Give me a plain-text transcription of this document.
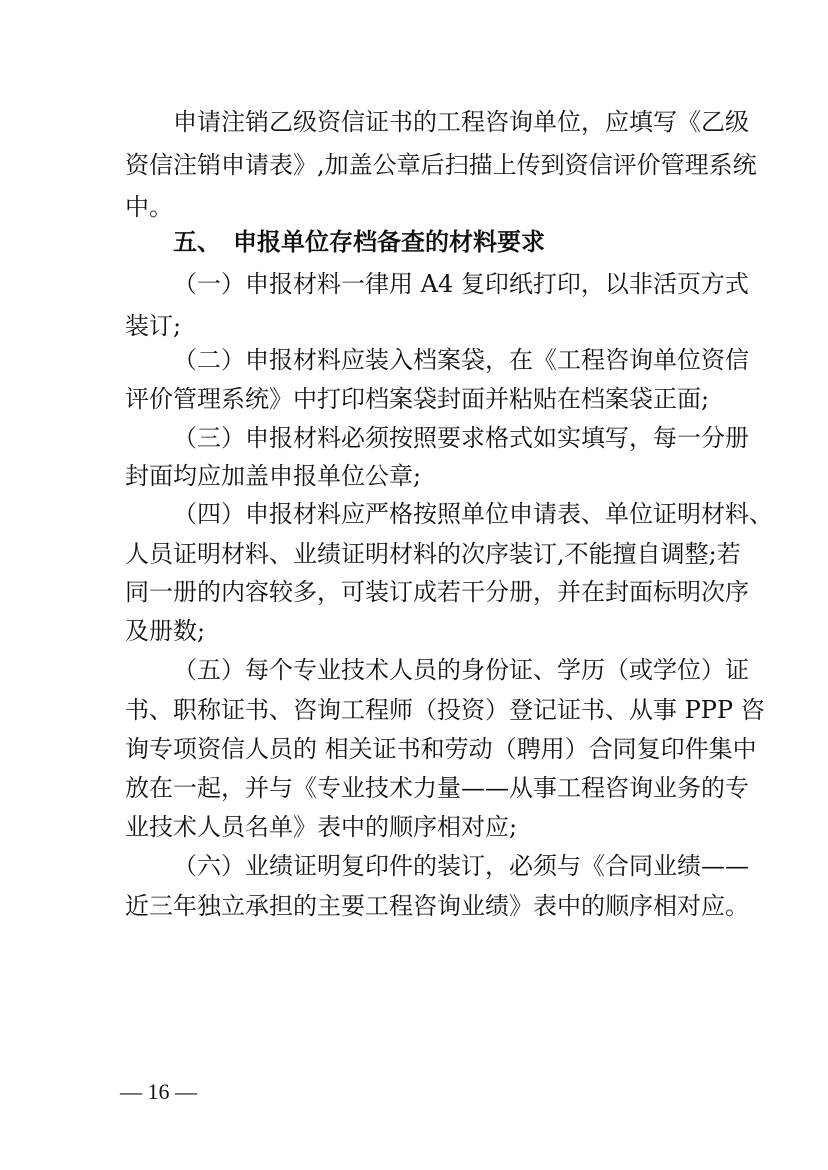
申请注销乙级资信证书的工程咨询单位，应填写《乙级
资信注销申请表》,加盖公章后扫描上传到资信评价管理系统
中。
五、 申报单位存档备查的材料要求
（一）申报材料一律用 A4 复印纸打印，以非活页方式
装订;
（二）申报材料应装入档案袋，在《工程咨询单位资信
评价管理系统》中打印档案袋封面并粘贴在档案袋正面;
（三）申报材料必须按照要求格式如实填写，每一分册
封面均应加盖申报单位公章;
（四）申报材料应严格按照单位申请表、单位证明材料、
人员证明材料、业绩证明材料的次序装订,不能擅自调整;若
同一册的内容较多，可装订成若干分册，并在封面标明次序
及册数;
（五）每个专业技术人员的身份证、学历（或学位）证
书、职称证书、咨询工程师（投资）登记证书、从事 PPP 咨
询专项资信人员的 相关证书和劳动（聘用）合同复印件集中
放在一起，并与《专业技术力量——从事工程咨询业务的专
业技术人员名单》表中的顺序相对应;
（六）业绩证明复印件的装订，必须与《合同业绩——
近三年独立承担的主要工程咨询业绩》表中的顺序相对应。
— 16 —
